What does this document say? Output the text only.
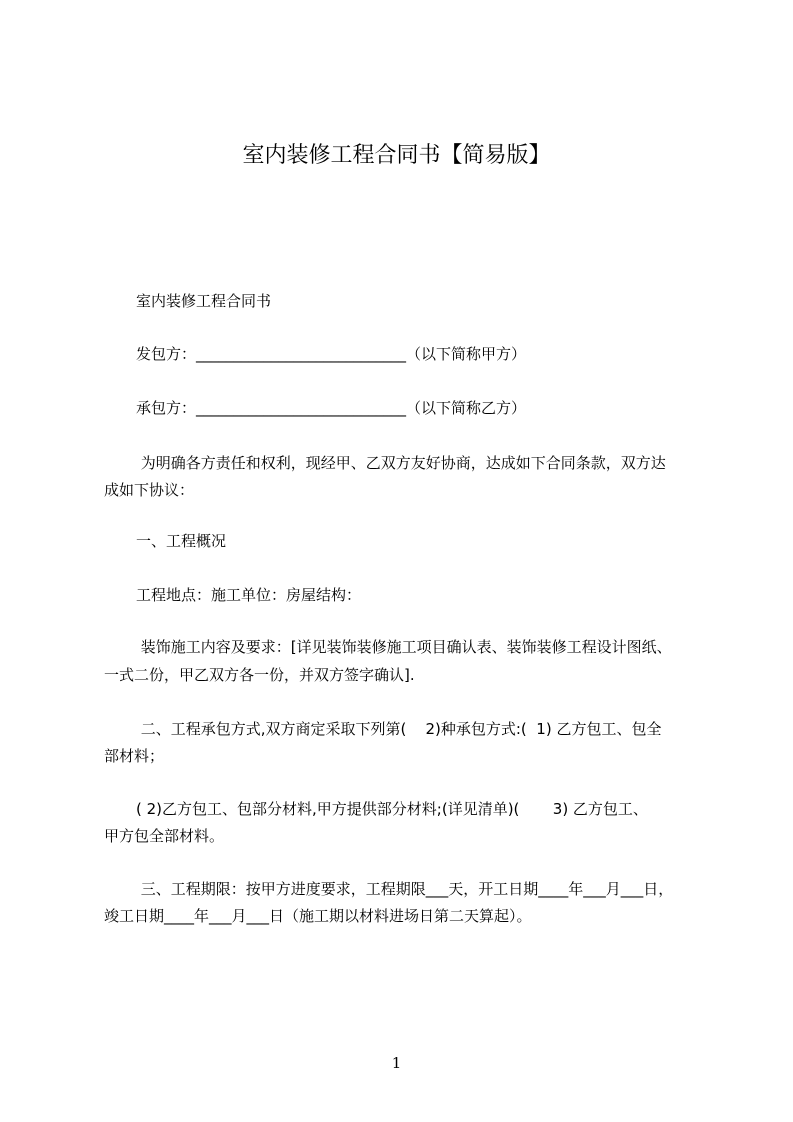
室内装修工程合同书【简易版】
室内装修工程合同书
发包方：____________________________（以下简称甲方）
承包方：____________________________（以下简称乙方）
为明确各方责任和权利，现经甲、乙双方友好协商，达成如下合同条款，双方达
成如下协议：
一、工程概况
工程地点：施工单位：房屋结构：
装饰施工内容及要求：[详见装饰装修施工项目确认表、装饰装修工程设计图纸、
一式二份，甲乙双方各一份，并双方签字确认].
二、工程承包方式,双方商定采取下列第(    2)种承包方式:(  1) 乙方包工、包全
部材料；
( 2)乙方包工、包部分材料,甲方提供部分材料;(详见清单)(       3) 乙方包工、
甲方包全部材料。
三、工程期限：按甲方进度要求，工程期限___天，开工日期____年___月___日，
竣工日期____年___月___日（施工期以材料进场日第二天算起）。
1
